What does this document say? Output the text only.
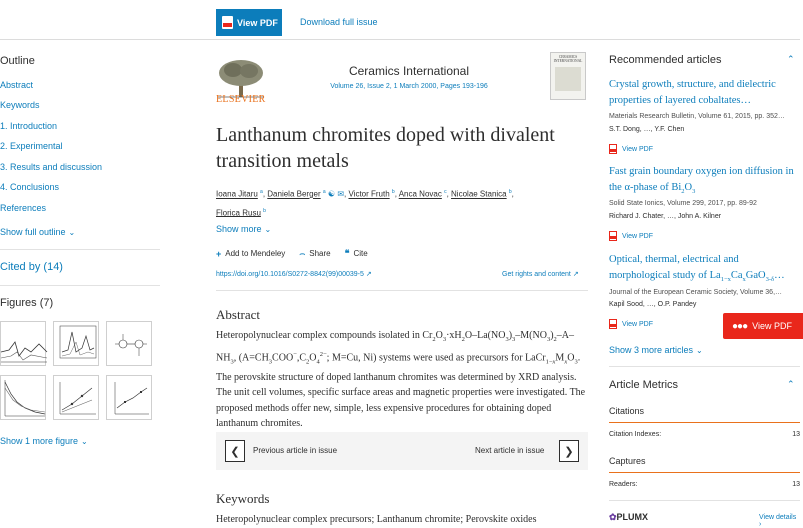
View PDF Download full issue
Outline
Abstract
Keywords
1. Introduction
2. Experimental
3. Results and discussion
4. Conclusions
References
Show full outline ⌄
Cited by (14)
Figures (7)
Show 1 more figure ⌄
ELSEVIER
Ceramics International
Volume 26, Issue 2, 1 March 2000, Pages 193-196
CERAMICS INTERNATIONAL
Lanthanum chromites doped with divalent transition metals
Ioana Jitaru $^a$, Daniela Berger $^a$ ☯ ✉, Victor Fruth $^b$, Anca Novac $^c$, Nicolae Stanica $^b$,
Florica Rusu $^b$
Show more ⌄
+ Add to Mendeley ⌢ Share ❝ Cite
https://doi.org/10.1016/S0272-8842(99)00039-5 ↗	Get rights and content ↗
Abstract
Heteropolynuclear complex compounds isolated in $Cr_2O_3\cdot xH_2O-La(NO_3)_3-M(NO_3)_2-A-NH_3$, ($A=CH_3COO^-,C_2O_4^{2-}$; M=Cu, Ni) systems were used as precursors for $LaCr_{1-x}M_xO_3$. The perovskite structure of doped lanthanum chromites was determined by XRD analysis. The unit cell volumes, specific surface areas and magnetic properties were investigated. The proposed methods offer new, simple, less expensive procedures for obtaining doped lanthanum chromites.
❮ Previous article in issue	Next article in issue ❯
Keywords
Heteropolynuclear complex precursors; Lanthanum chromite; Perovskite oxides
Recommended articles	⌃
Crystal growth, structure, and dielectric properties of layered cobaltates…
Materials Research Bulletin, Volume 61, 2015, pp. 352…
S.T. Dong, …, Y.F. Chen
View PDF
Fast grain boundary oxygen ion diffusion in the α-phase of $Bi_2O_3$
Solid State Ionics, Volume 299, 2017, pp. 89-92
Richard J. Chater, …, John A. Kilner
View PDF
Optical, thermal, electrical and morphological study of $La_{1-x}Ca_xGaO_{3-\delta}\dots$
Journal of the European Ceramic Society, Volume 36,…
Kapil Sood, …, O.P. Pandey
View PDF
Show 3 more articles ⌄
Article Metrics	⌃
Citations
Citation Indexes:	13
Captures
Readers:	13
✿PLUMX	View details ›
●●● View PDF
